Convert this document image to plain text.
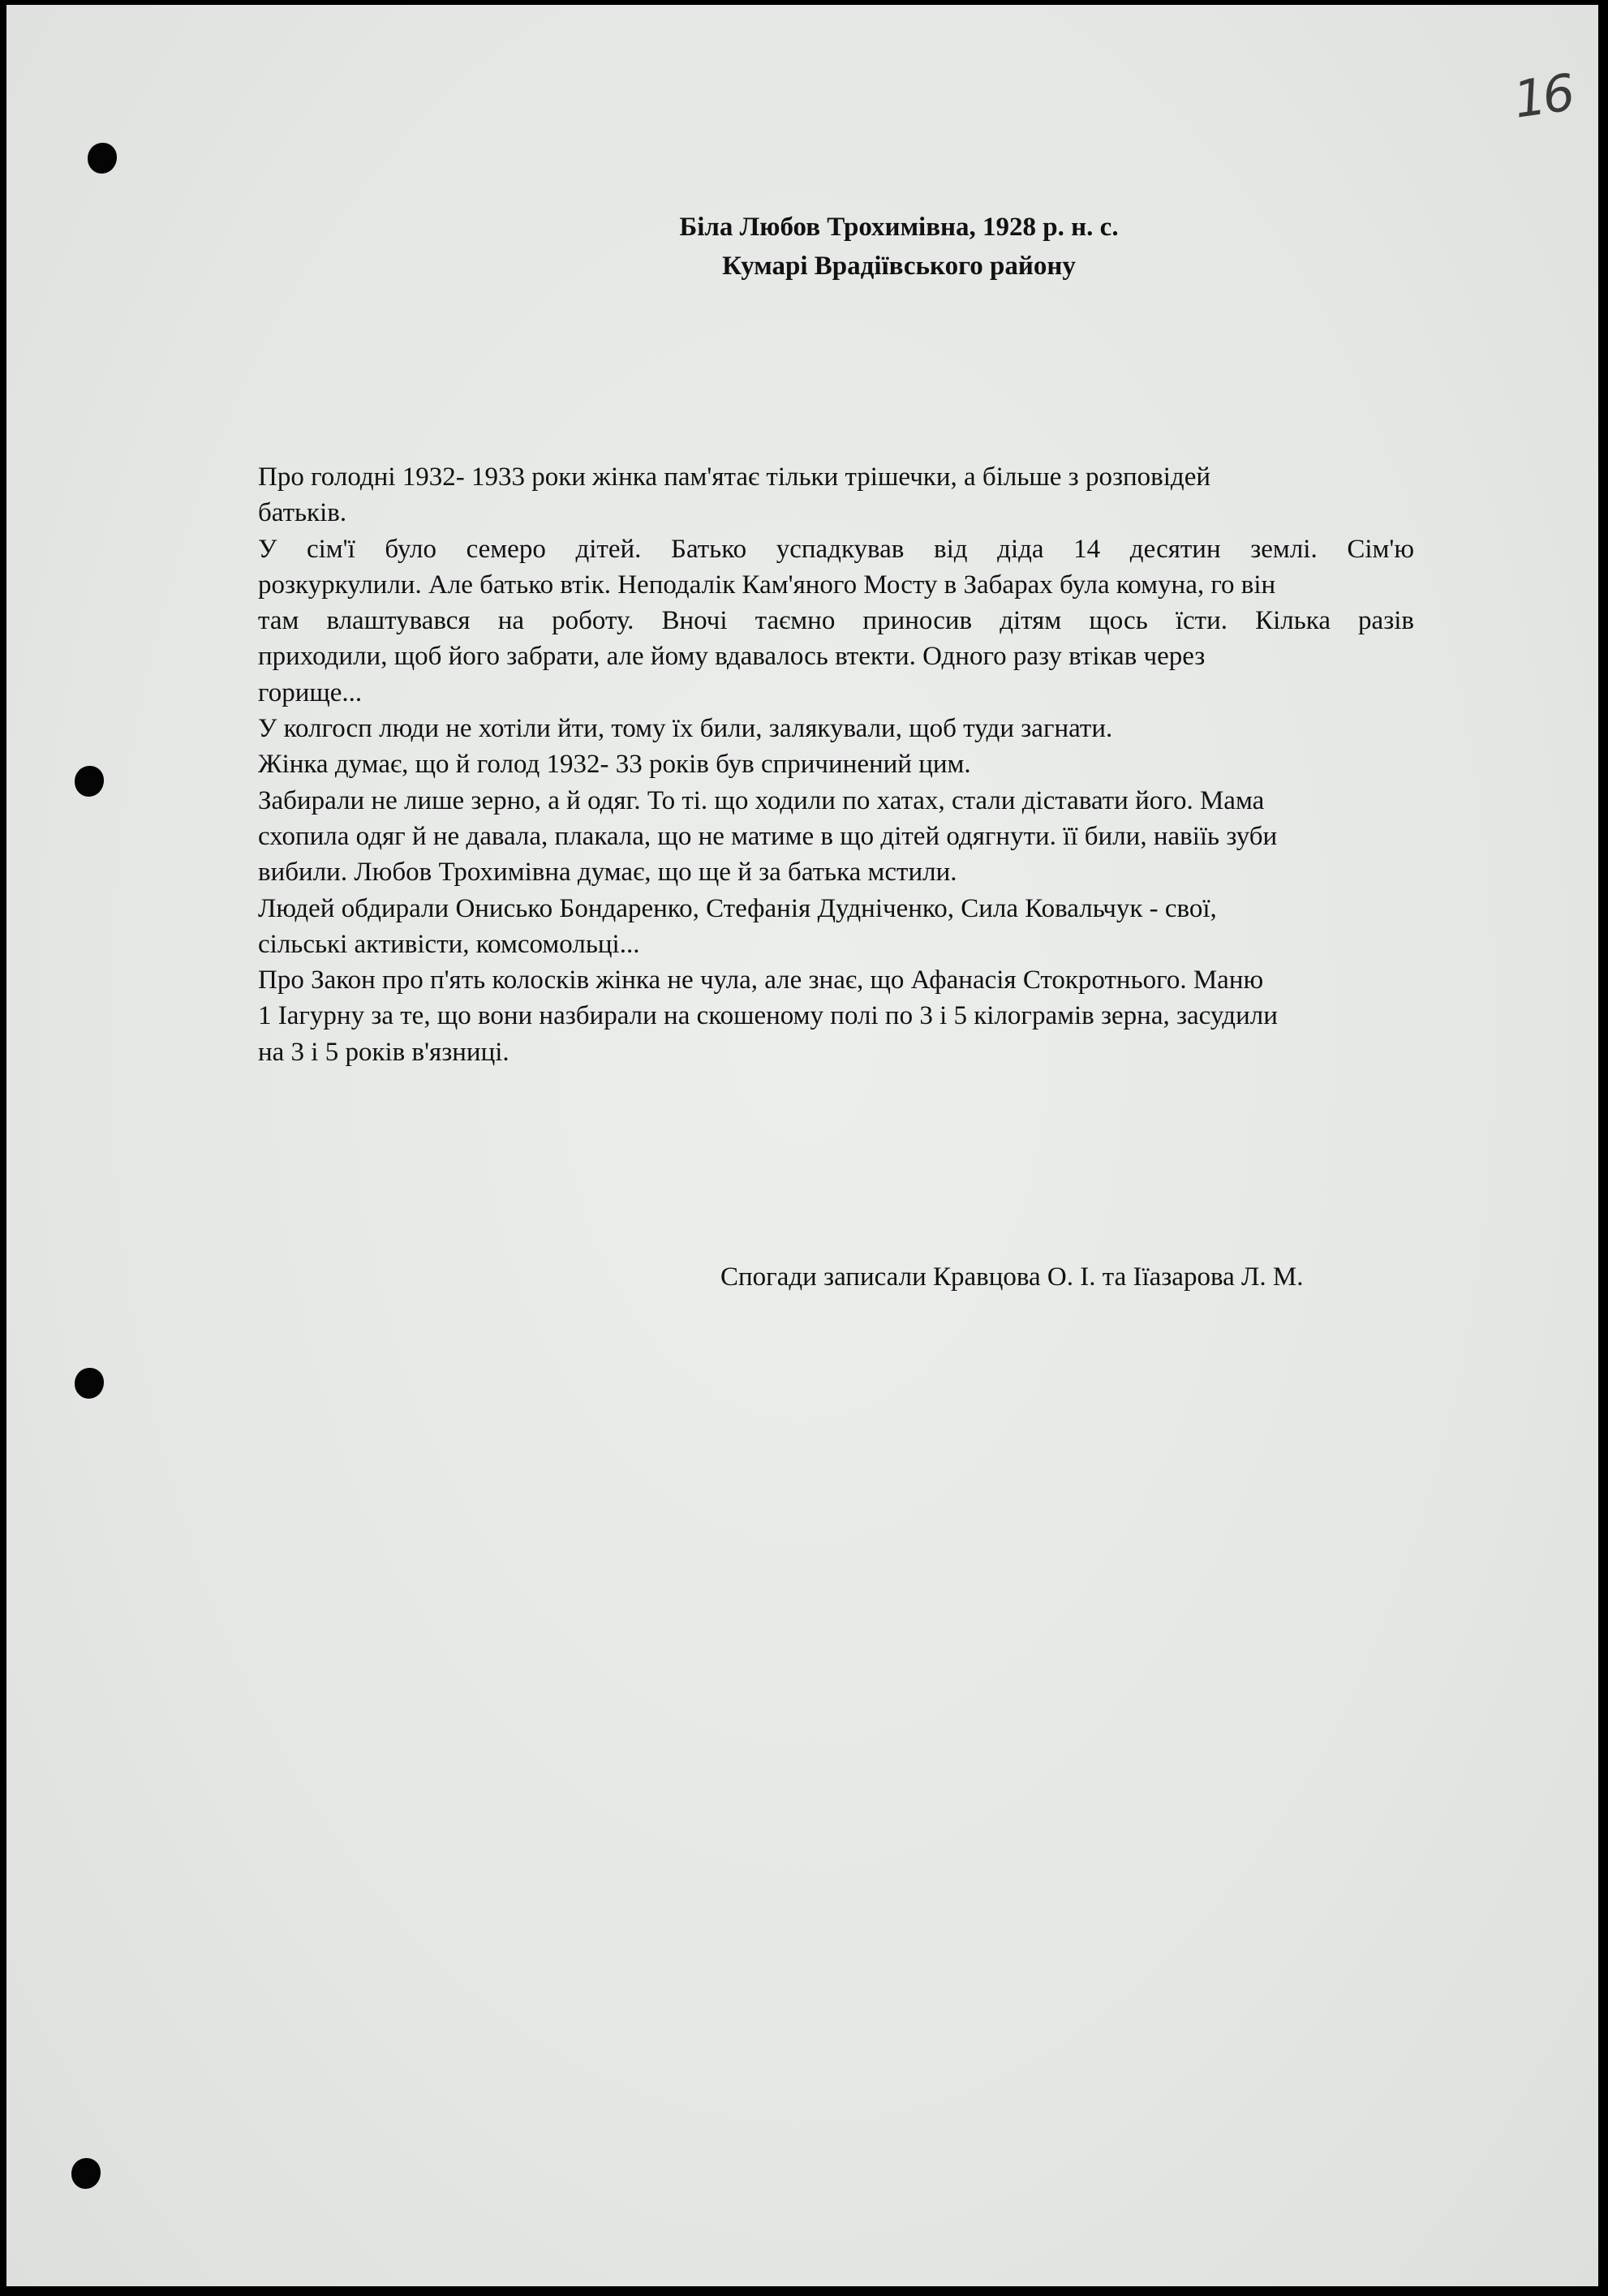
16
Біла Любов Трохимівна, 1928 р. н. с.
Кумарі Врадіївського району
Про голодні 1932- 1933 роки жінка пам'ятає тільки трішечки, а більше з розповідей
батьків.
У сім'ї було семеро дітей. Батько успадкував від діда 14 десятин землі. Сім'ю
розкуркулили. Але батько втік. Неподалік Кам'яного Мосту в Забарах була комуна, го він
там влаштувався на роботу. Вночі таємно приносив дітям щось їсти. Кілька разів
приходили, щоб його забрати, але йому вдавалось втекти. Одного разу втікав через
горище...
У колгосп люди не хотіли йти, тому їх били, залякували, щоб туди загнати.
Жінка думає, що й голод 1932- 33 років був спричинений цим.
Забирали не лише зерно, а й одяг. То ті. що ходили по хатах, стали діставати його. Мама
схопила одяг й не давала, плакала, що не матиме в що дітей одягнути. її били, навіїь зуби
вибили. Любов Трохимівна думає, що ще й за батька мстили.
Людей обдирали Онисько Бондаренко, Стефанія Дудніченко, Сила Ковальчук - свої,
сільські активісти, комсомольці...
Про Закон про п'ять колосків жінка не чула, але знає, що Афанасія Стокротнього. Маню
1 Іагурну за те, що вони назбирали на скошеному полі по 3 і 5 кілограмів зерна, засудили
на 3 і 5 років в'язниці.
Спогади записали Кравцова О. І. та Іїазарова Л. М.
